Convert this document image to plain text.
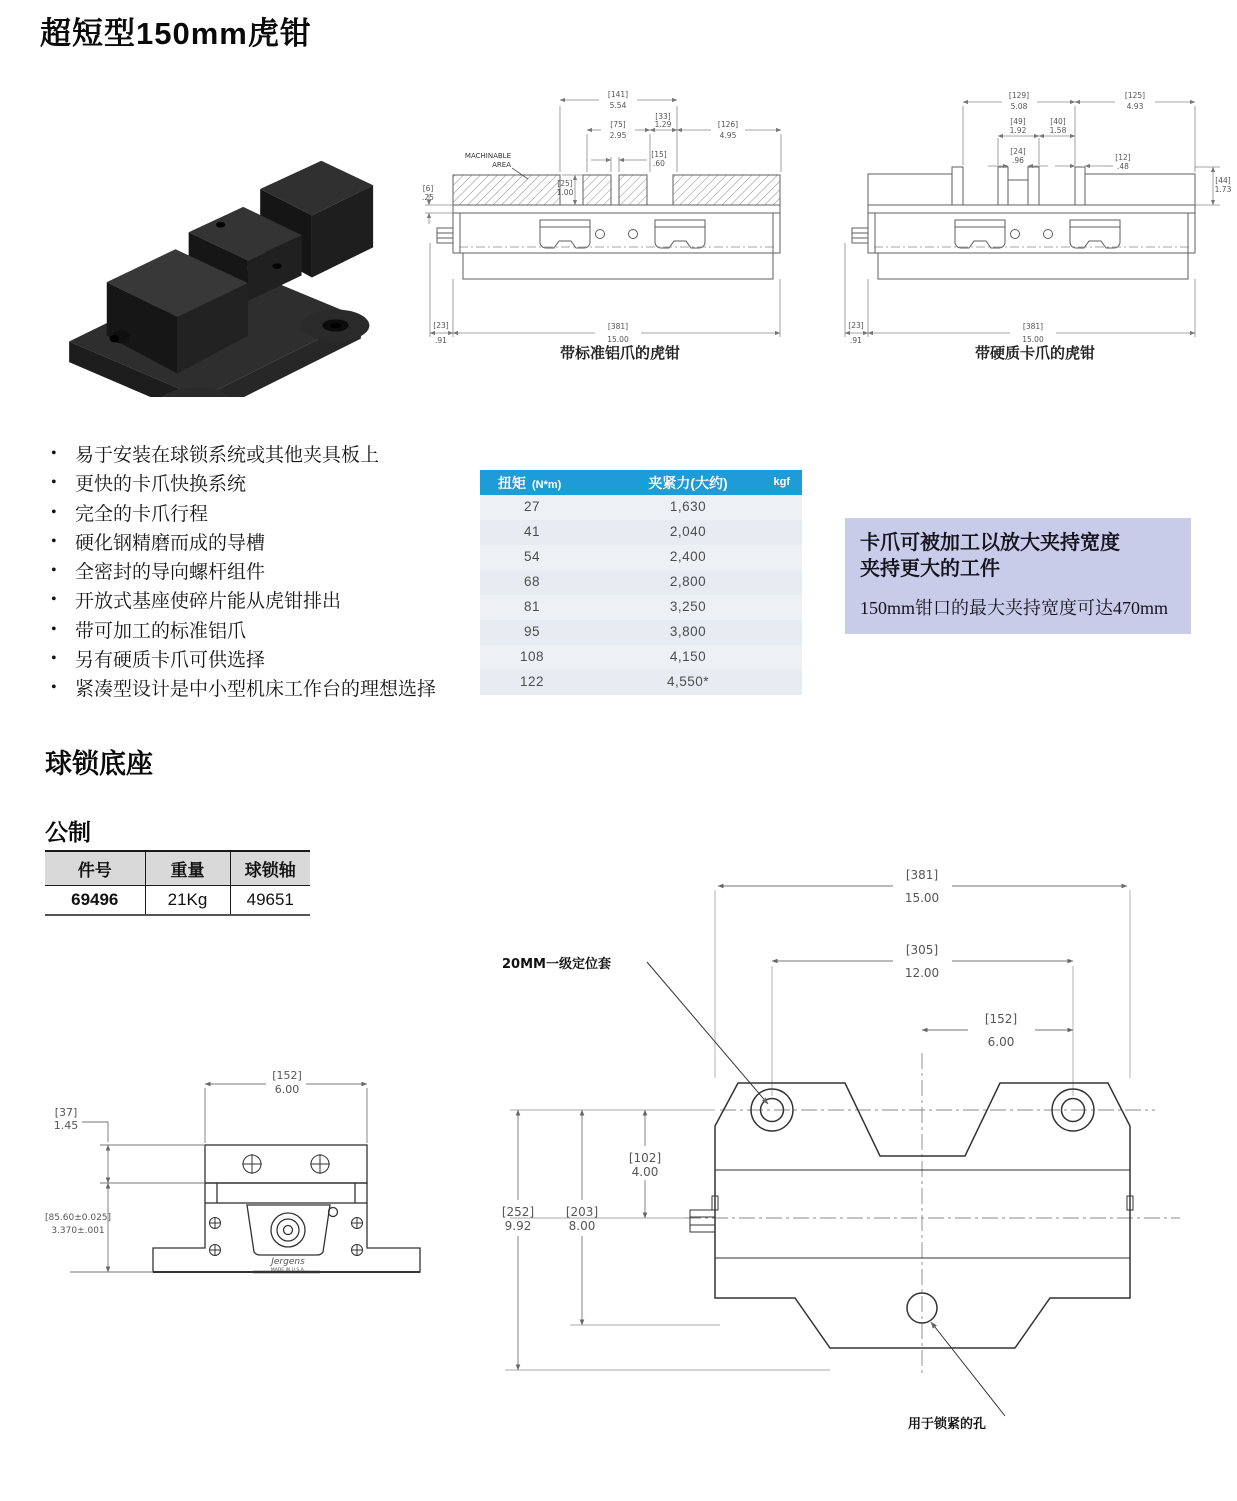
超短型150mm虎钳
MACHINABLE
AREA
[141]
5.54
[75]
2.95
[33]
1.29	[126]
4.95
[15]
.60
[25]
1.00
[6]
.25
[23]
.91
[381]
15.00
带标准铝爪的虎钳
[129]
5.08
[125]
4.93
[49]
1.92
[40]
1.58
[24]
.96	[12]
.48
[44]
1.73
[23]
.91
[381]
15.00
带硬质卡爪的虎钳
• 易于安装在球锁系统或其他夹具板上
• 更快的卡爪快换系统
• 完全的卡爪行程
• 硬化钢精磨而成的导槽
• 全密封的导向螺杆组件
• 开放式基座使碎片能从虎钳排出
• 带可加工的标准铝爪
• 另有硬质卡爪可供选择
• 紧凑型设计是中小型机床工作台的理想选择
扭矩 (N*m)	夹紧力(大约)	kgf
27	1,630
41	2,040
54	2,400
68	2,800
81	3,250
95	3,800
108	4,150
122	4,550*
卡爪可被加工以放大夹持宽度
夹持更大的工件
150mm钳口的最大夹持宽度可达470mm
球锁底座
公制
件号	重量	球锁轴
69496	21Kg	49651
[152]
6.00
[37]
1.45
[85.60±0.025]
3.370±.001
Jergens
MADE IN U.S.A.
[381]
15.00
[305]
12.00
[152]
6.00
[102]
4.00
[203]
8.00
[252]
9.92
20MM一级定位套
用于锁紧的孔
